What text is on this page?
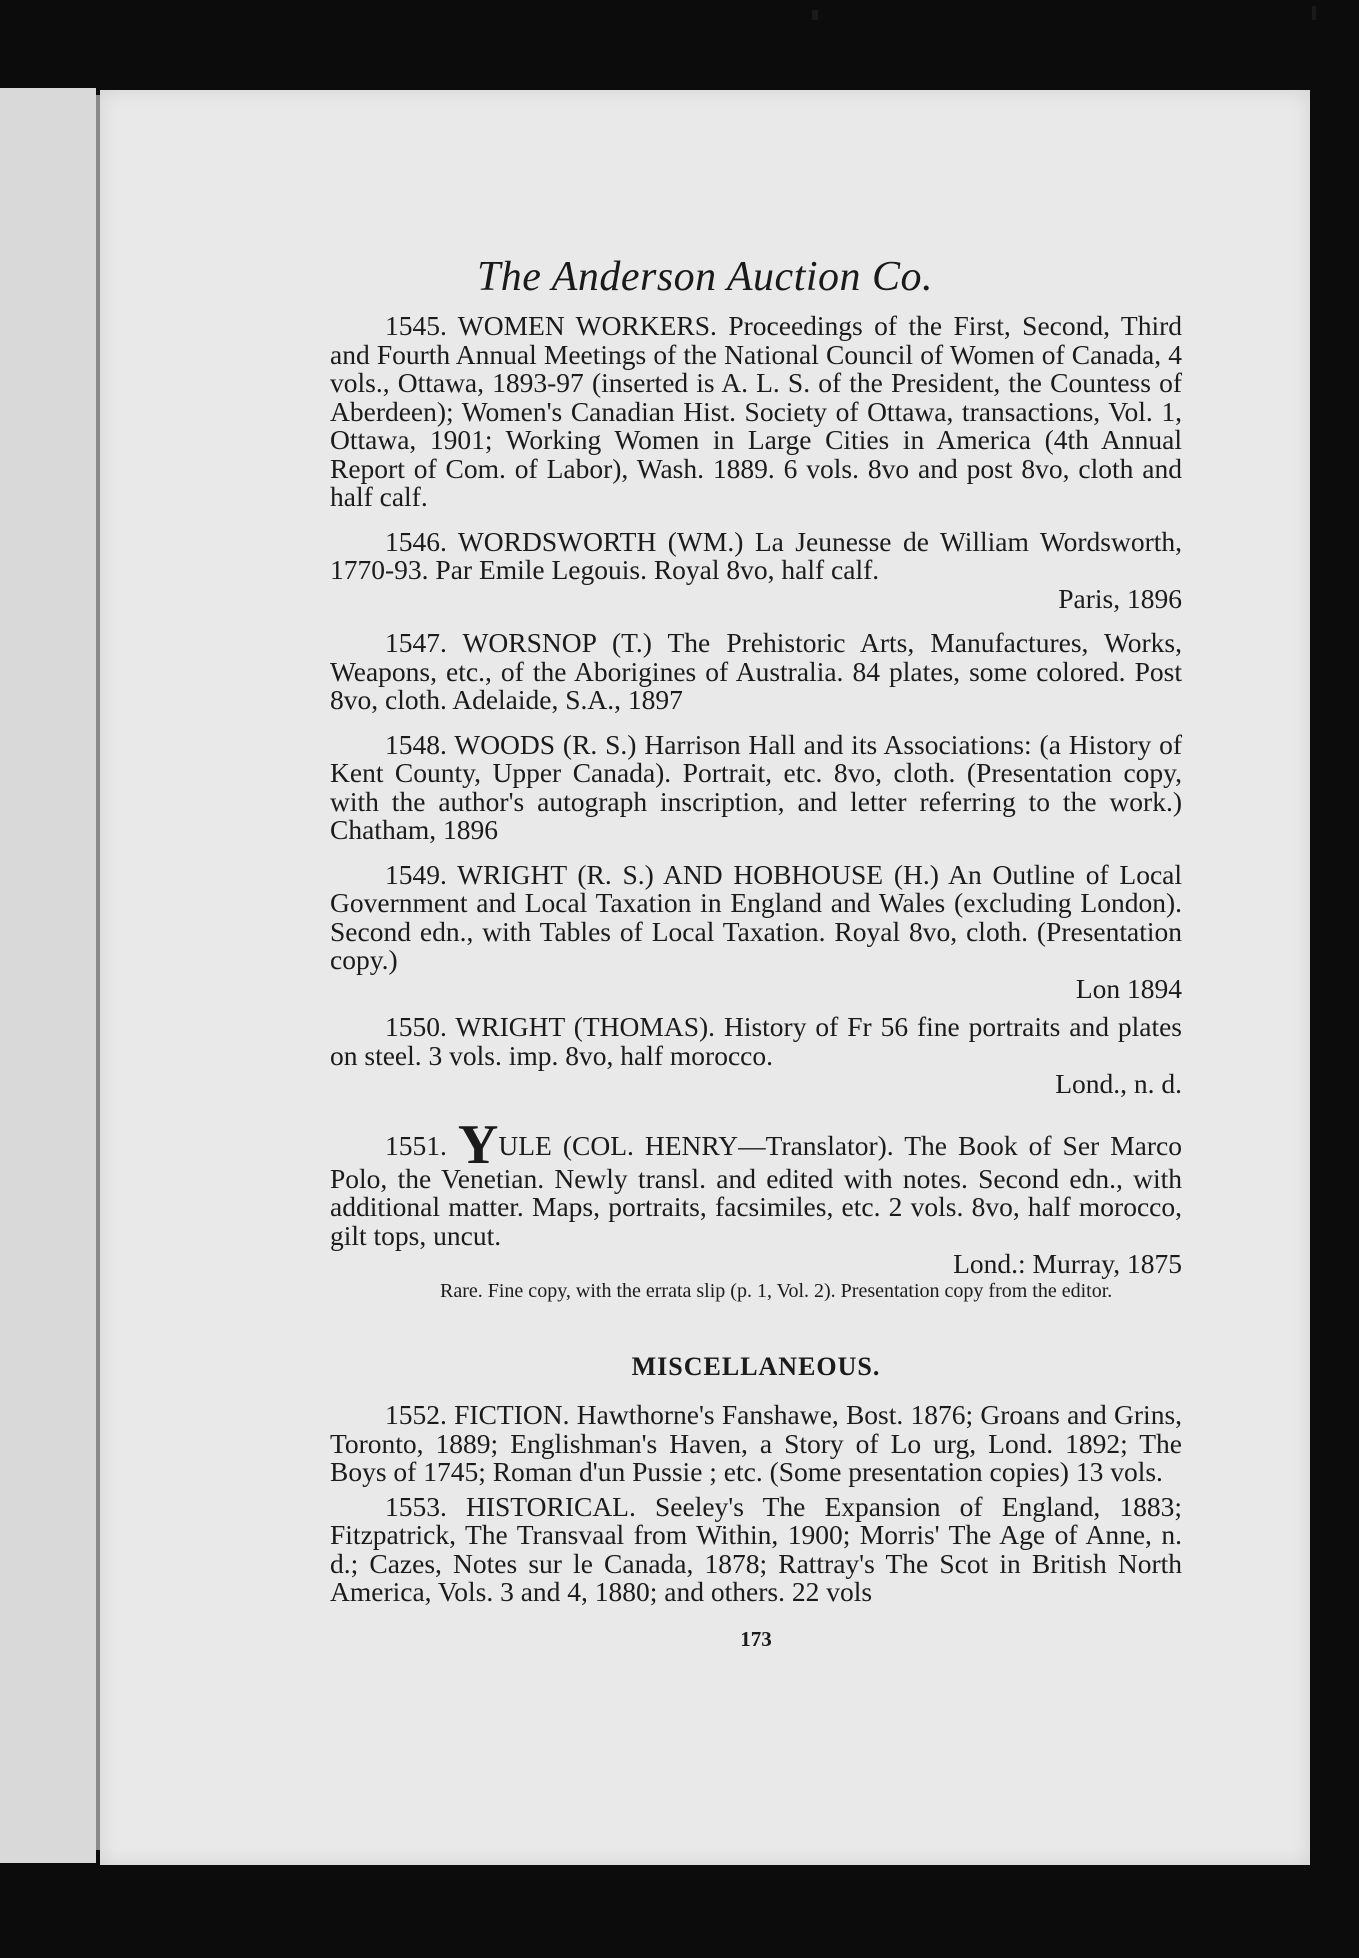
The Anderson Auction Co.

1545. WOMEN WORKERS. Proceedings of the First, Second, Third and Fourth Annual Meetings of the National Council of Women of Canada, 4 vols., Ottawa, 1893-97 (inserted is A. L. S. of the President, the Countess of Aberdeen); Women's Canadian Hist. Society of Ottawa, transactions, Vol. 1, Ottawa, 1901; Working Women in Large Cities in America (4th Annual Report of Com. of Labor), Wash. 1889. 6 vols. 8vo and post 8vo, cloth and half calf.

1546. WORDSWORTH (WM.) La Jeunesse de William Wordsworth, 1770-93. Par Emile Legouis. Royal 8vo, half calf.

Paris, 1896

1547. WORSNOP (T.) The Prehistoric Arts, Manufactures, Works, Weapons, etc., of the Aborigines of Australia. 84 plates, some colored. Post 8vo, cloth. Adelaide, S.A., 1897

1548. WOODS (R. S.) Harrison Hall and its Associations: (a History of Kent County, Upper Canada). Portrait, etc. 8vo, cloth. (Presentation copy, with the author's autograph inscription, and letter referring to the work.) Chatham, 1896

1549. WRIGHT (R. S.) AND HOBHOUSE (H.) An Outline of Local Government and Local Taxation in England and Wales (excluding London). Second edn., with Tables of Local Taxation. Royal 8vo, cloth. (Presentation copy.)

Lon 1894

1550. WRIGHT (THOMAS). History of Fr 56 fine portraits and plates on steel. 3 vols. imp. 8vo, half morocco.

Lond., n. d.

1551. YULE (COL. HENRY—Translator). The Book of Ser Marco Polo, the Venetian. Newly transl. and edited with notes. Second edn., with additional matter. Maps, portraits, facsimiles, etc. 2 vols. 8vo, half morocco, gilt tops, uncut.

Lond.: Murray, 1875

Rare. Fine copy, with the errata slip (p. 1, Vol. 2). Presentation copy from the editor.

MISCELLANEOUS.

1552. FICTION. Hawthorne's Fanshawe, Bost. 1876; Groans and Grins, Toronto, 1889; Englishman's Haven, a Story of Lo urg, Lond. 1892; The Boys of 1745; Roman d'un Pussie ; etc. (Some presentation copies) 13 vols.

1553. HISTORICAL. Seeley's The Expansion of England, 1883; Fitzpatrick, The Transvaal from Within, 1900; Morris' The Age of Anne, n. d.; Cazes, Notes sur le Canada, 1878; Rattray's The Scot in British North America, Vols. 3 and 4, 1880; and others. 22 vols

173
